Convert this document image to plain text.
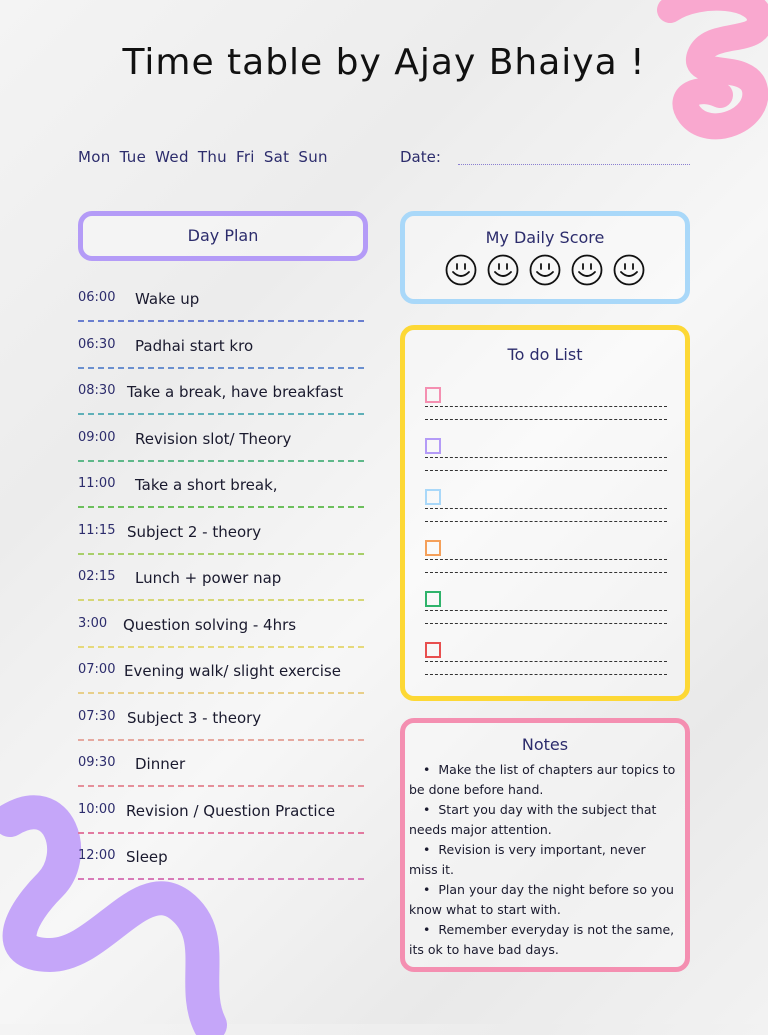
Time table by Ajay Bhaiya !
Mon Tue Wed Thu Fri Sat Sun	Date:
Day Plan
06:00 Wake up
06:30 Padhai start kro
08:30 Take a break, have breakfast
09:00 Revision slot/ Theory
11:00 Take a short break,
11:15 Subject 2 - theory
02:15 Lunch + power nap
3:00 Question solving - 4hrs
07:00 Evening walk/ slight exercise
07:30 Subject 3 - theory
09:30 Dinner
10:00 Revision / Question Practice
12:00 Sleep
My Daily Score
To do List
Notes
• Make the list of chapters aur topics to be done before hand.
• Start you day with the subject that needs major attention.
• Revision is very important, never miss it.
• Plan your day the night before so you know what to start with.
• Remember everyday is not the same, its ok to have bad days.
